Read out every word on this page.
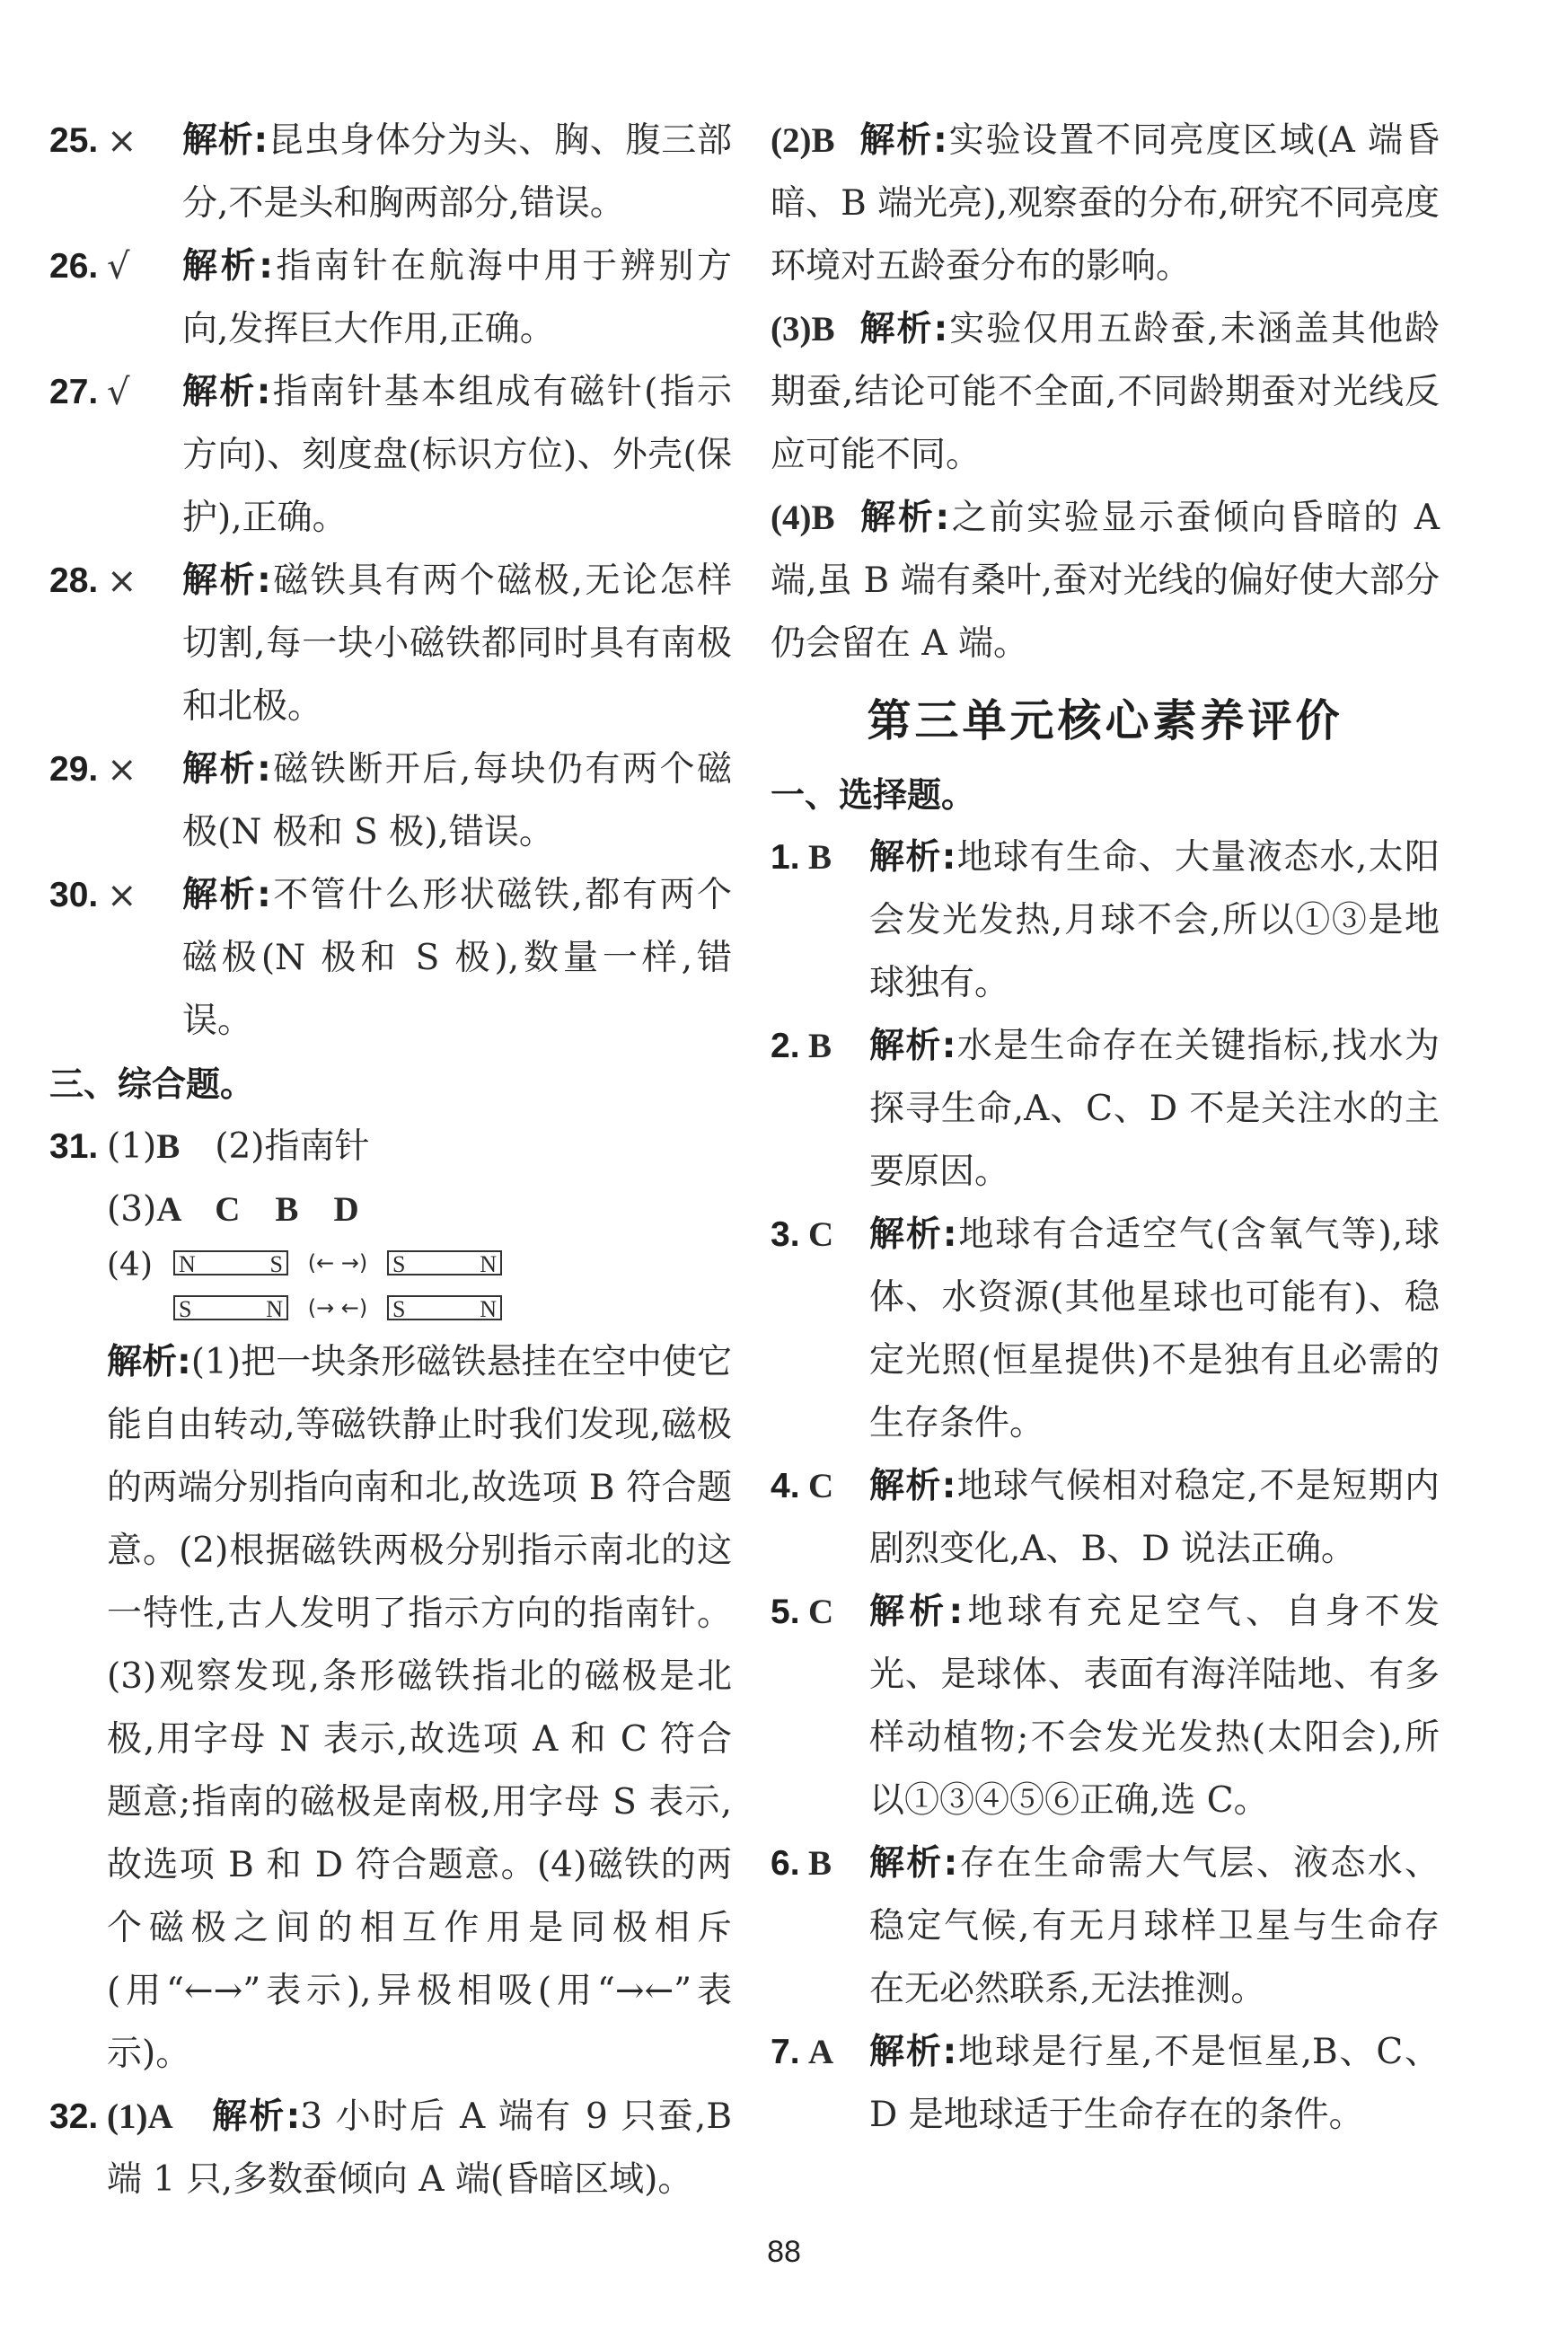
25. ×	解析:昆虫身体分为头、胸、腹三部分,不是头和胸两部分,错误。
26. √	解析:指南针在航海中用于辨别方向,发挥巨大作用,正确。
27. √	解析:指南针基本组成有磁针(指示方向)、刻度盘(标识方位)、外壳(保护),正确。
28. ×	解析:磁铁具有两个磁极,无论怎样切割,每一块小磁铁都同时具有南极和北极。
29. ×	解析:磁铁断开后,每块仍有两个磁极(N 极和 S 极),错误。
30. ×	解析:不管什么形状磁铁,都有两个磁极(N 极和 S 极),数量一样,错误。
三、综合题。
31. (1)B　 (2)指南针
(3)A　C　B　D
(4) N	S	(← →)	S	N
S	N	(→ ←)	S	N
解析:(1)把一块条形磁铁悬挂在空中使它能自由转动,等磁铁静止时我们发现,磁极的两端分别指向南和北,故选项 B 符合题意。(2)根据磁铁两极分别指示南北的这一特性,古人发明了指示方向的指南针。(3)观察发现,条形磁铁指北的磁极是北极,用字母 N 表示,故选项 A 和 C 符合题意;指南的磁极是南极,用字母 S 表示,故选项 B 和 D 符合题意。(4)磁铁的两个磁极之间的相互作用是同极相斥(用“←→”表示),异极相吸(用“→←”表示)。
32. (1)A　 解析:3 小时后 A 端有 9 只蚕,B端 1 只,多数蚕倾向 A 端(昏暗区域)。
(2)B 解析:实验设置不同亮度区域(A 端昏暗、B 端光亮),观察蚕的分布,研究不同亮度环境对五龄蚕分布的影响。
(3)B 解析:实验仅用五龄蚕,未涵盖其他龄期蚕,结论可能不全面,不同龄期蚕对光线反应可能不同。
(4)B 解析:之前实验显示蚕倾向昏暗的 A 端,虽 B 端有桑叶,蚕对光线的偏好使大部分仍会留在 A 端。
第三单元核心素养评价
一、选择题。
1. B	解析:地球有生命、大量液态水,太阳会发光发热,月球不会,所以①③是地球独有。
2. B	解析:水是生命存在关键指标,找水为探寻生命,A、C、D 不是关注水的主要原因。
3. C	解析:地球有合适空气(含氧气等),球体、水资源(其他星球也可能有)、稳定光照(恒星提供)不是独有且必需的生存条件。
4. C	解析:地球气候相对稳定,不是短期内剧烈变化,A、B、D 说法正确。
5. C	解析:地球有充足空气、自身不发光、是球体、表面有海洋陆地、有多样动植物;不会发光发热(太阳会),所以①③④⑤⑥正确,选 C。
6. B	解析:存在生命需大气层、液态水、稳定气候,有无月球样卫星与生命存在无必然联系,无法推测。
7. A	解析:地球是行星,不是恒星,B、C、D 是地球适于生命存在的条件。
88
